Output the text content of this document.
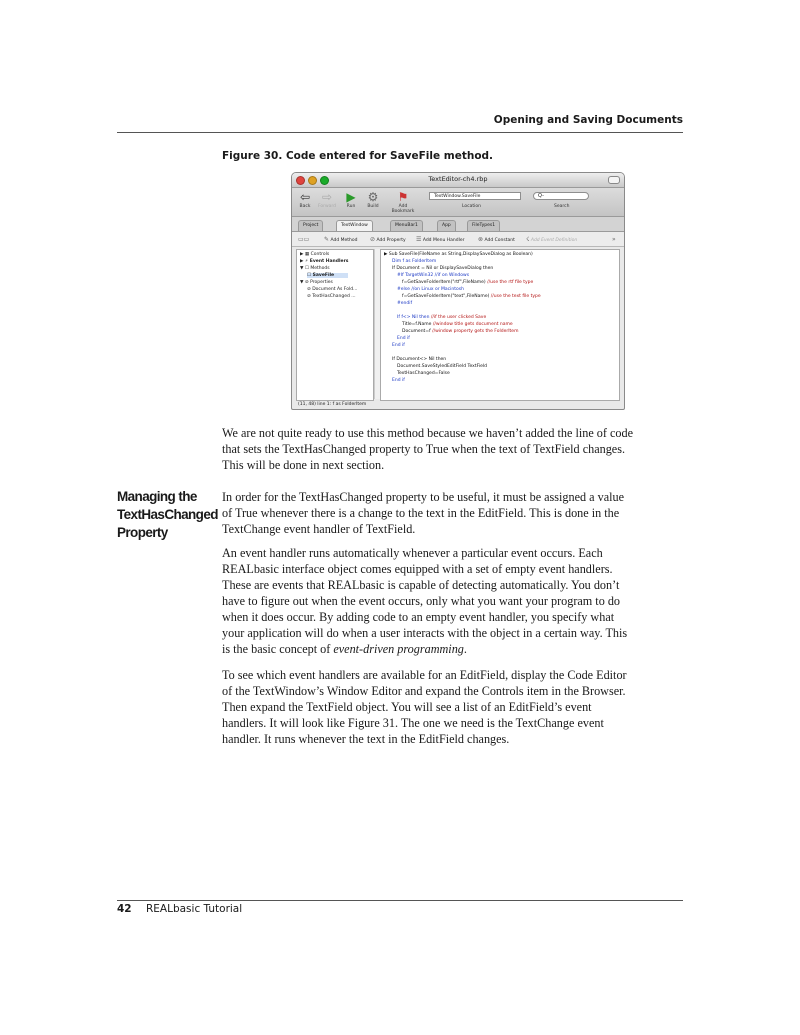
Opening and Saving Documents
Figure 30. Code entered for SaveFile method.
TextEditor-ch4.rbp
⇦
Back
⇨
Forward
▶
Run
⚙
Build
⚑
Add Bookmark
TextWindow.SaveFile
Location
Q-
Search
Project	TextWindow	MenuBar1	App	FileTypes1
▭▭ ✎ Add Method ⊘ Add Property ☰ Add Menu Handler ⊗ Add Constant ☇ Add Event Definition	»
▶ ▦ Controls
▶ ⚡ Event Handlers
▼ ☐ Methods
☐ SaveFile
▼ ⊘ Properties
⊘ Document As Fold...
⊘ TextHasChanged ...
▶ Sub SaveFile(FileName as String,DisplaySaveDialog as Boolean)
Dim f as FolderItem
If Document = Nil or DisplaySaveDialog then
#If TargetWin32 //if on Windows
f=GetSaveFolderItem("rtf",FileName) //use the rtf file type
#else //on Linux or Macintosh
f=GetSaveFolderItem("text",FileName) //use the text file type
#endif
If f<> Nil then //if the user clicked Save
Title=f.Name //window title gets document name
Document=f //window property gets the FolderItem
End if
End if
If Document<> Nil then
Document.SaveStyledEditField TextField
TextHasChanged=False
End if
(11, 48) line 1: f as FolderItem
We are not quite ready to use this method because we haven’t added the line of code
that sets the TextHasChanged property to True when the text of TextField changes.
This will be done in next section.
Managing the
TextHasChanged
Property
In order for the TextHasChanged property to be useful, it must be assigned a value
of True whenever there is a change to the text in the EditField. This is done in the
TextChange event handler of TextField.
An event handler runs automatically whenever a particular event occurs. Each
REALbasic interface object comes equipped with a set of empty event handlers.
These are events that REALbasic is capable of detecting automatically. You don’t
have to figure out when the event occurs, only what you want your program to do
when it does occur. By adding code to an empty event handler, you specify what
your application will do when a user interacts with the object in a certain way. This
is the basic concept of event-driven programming.
To see which event handlers are available for an EditField, display the Code Editor
of the TextWindow’s Window Editor and expand the Controls item in the Browser.
Then expand the TextField object. You will see a list of an EditField’s event
handlers. It will look like Figure 31. The one we need is the TextChange event
handler. It runs whenever the text in the EditField changes.
42 REALbasic Tutorial
